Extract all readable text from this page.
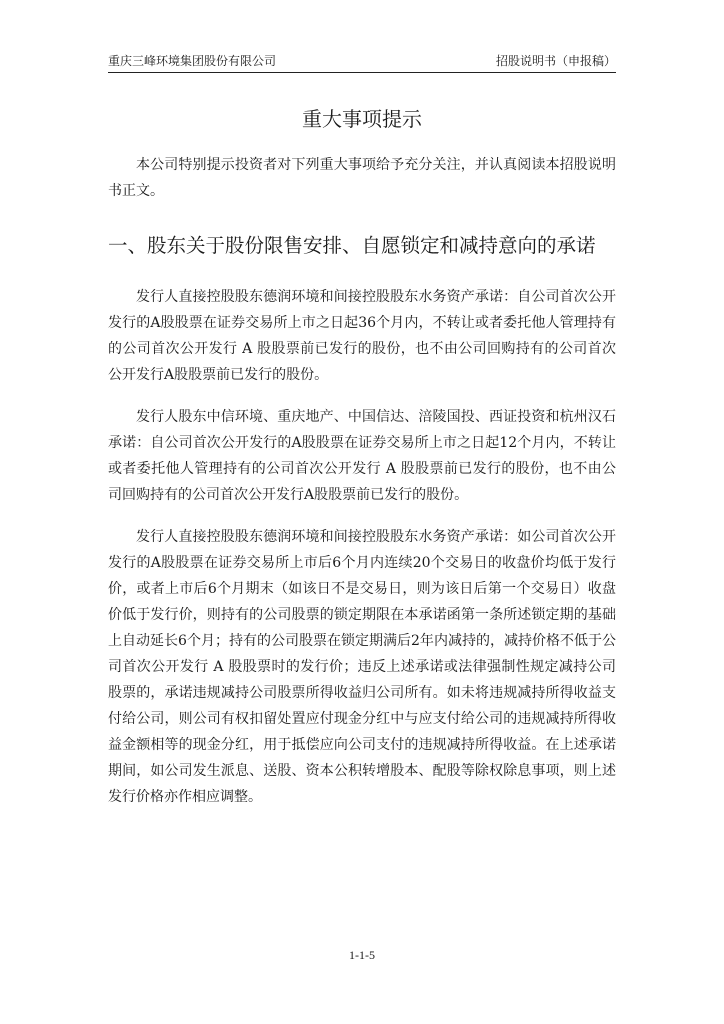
重庆三峰环境集团股份有限公司	招股说明书（申报稿）
重大事项提示
本公司特别提示投资者对下列重大事项给予充分关注，并认真阅读本招股说明书正文。
一、股东关于股份限售安排、自愿锁定和减持意向的承诺
发行人直接控股股东德润环境和间接控股股东水务资产承诺：自公司首次公开发行的A股股票在证券交易所上市之日起36个月内，不转让或者委托他人管理持有的公司首次公开发行 A 股股票前已发行的股份，也不由公司回购持有的公司首次公开发行A股股票前已发行的股份。
发行人股东中信环境、重庆地产、中国信达、涪陵国投、西证投资和杭州汉石承诺：自公司首次公开发行的A股股票在证券交易所上市之日起12个月内，不转让或者委托他人管理持有的公司首次公开发行 A 股股票前已发行的股份，也不由公司回购持有的公司首次公开发行A股股票前已发行的股份。
发行人直接控股股东德润环境和间接控股股东水务资产承诺：如公司首次公开发行的A股股票在证券交易所上市后6个月内连续20个交易日的收盘价均低于发行价，或者上市后6个月期末（如该日不是交易日，则为该日后第一个交易日）收盘价低于发行价，则持有的公司股票的锁定期限在本承诺函第一条所述锁定期的基础上自动延长6个月；持有的公司股票在锁定期满后2年内减持的，减持价格不低于公司首次公开发行 A 股股票时的发行价；违反上述承诺或法律强制性规定减持公司股票的，承诺违规减持公司股票所得收益归公司所有。如未将违规减持所得收益支付给公司，则公司有权扣留处置应付现金分红中与应支付给公司的违规减持所得收益金额相等的现金分红，用于抵偿应向公司支付的违规减持所得收益。在上述承诺期间，如公司发生派息、送股、资本公积转增股本、配股等除权除息事项，则上述发行价格亦作相应调整。
1-1-5
